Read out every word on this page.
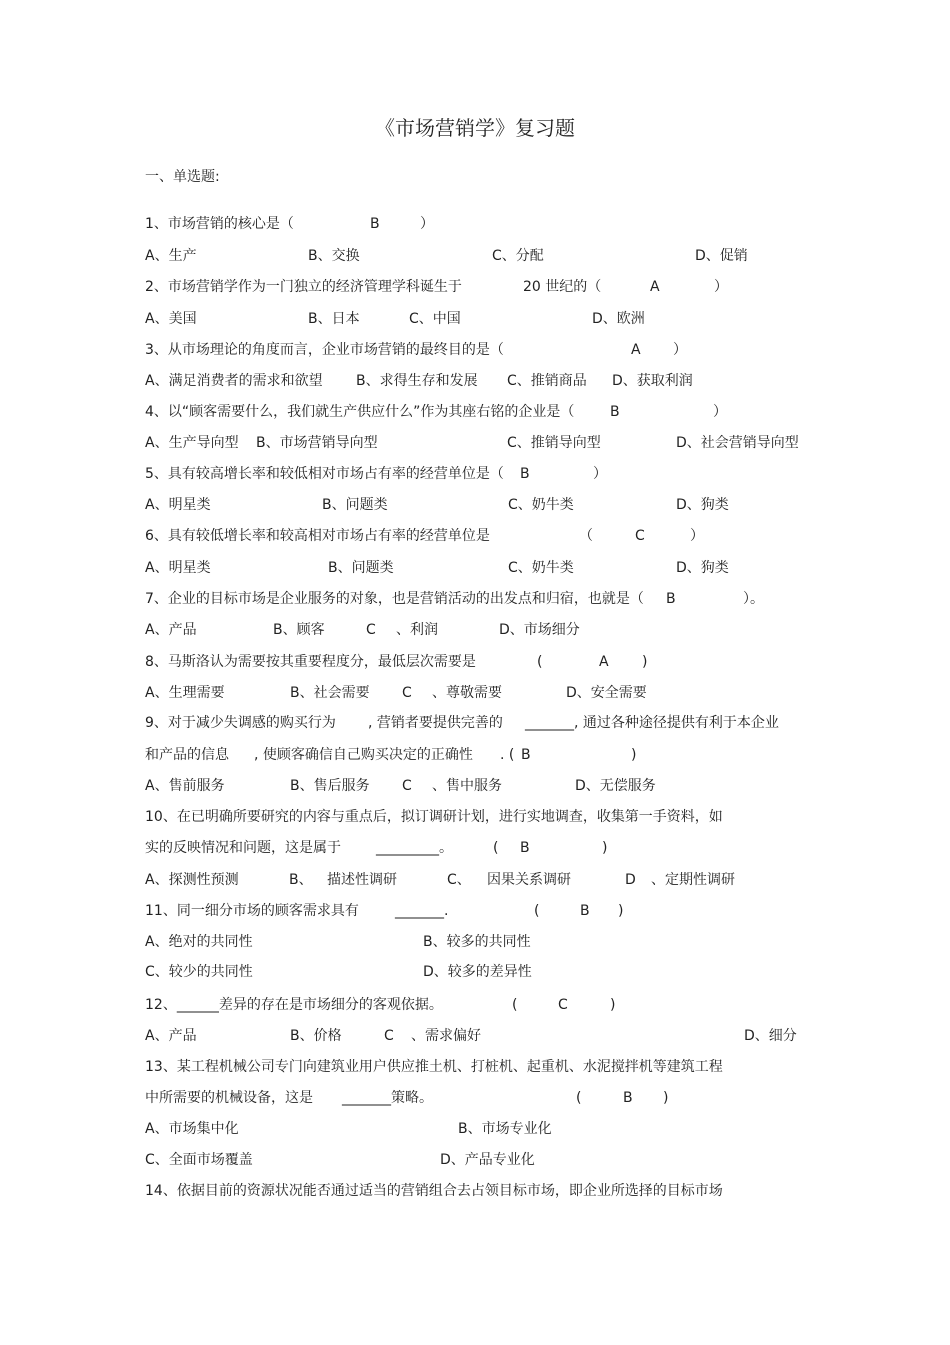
《市场营销学》复习题
一、单选题:
1、市场营销的核心是（	B	）
A、生产	B、交换	C、分配	D、促销
2、市场营销学作为一门独立的经济管理学科诞生于	20 世纪的（	A	）
A、美国	B、日本	C、中国	D、欧洲
3、从市场理论的角度而言，企业市场营销的最终目的是（	A ）
A、满足消费者的需求和欲望 B、求得生存和发展 C、推销商品 D、获取利润
4、以“顾客需要什么，我们就生产供应什么”作为其座右铭的企业是（	B	）
A、生产导向型 B、市场营销导向型	C、推销导向型	D、社会营销导向型
5、具有较高增长率和较低相对市场占有率的经营单位是（ B	）
A、明星类	B、问题类	C、奶牛类	D、狗类
6、具有较低增长率和较高相对市场占有率的经营单位是	（	C	）
A、明星类	B、问题类	C、奶牛类	D、狗类
7、企业的目标市场是企业服务的对象，也是营销活动的出发点和归宿，也就是（ B	）。
A、产品	B、顾客	C 、利润	D、市场细分
8、马斯洛认为需要按其重要程度分，最低层次需要是	(	A )
A、生理需要	B、社会需要 C 、尊敬需要	D、安全需要
9、对于减少失调感的购买行为 , 营销者要提供完善的 _______, 通过各种途径提供有利于本企业
和产品的信息 , 使顾客确信自己购买决定的正确性 . ( B	)
A、售前服务	B、售后服务 C 、售中服务	D、无偿服务
10、在已明确所要研究的内容与重点后，拟订调研计划，进行实地调查，收集第一手资料，如
实的反映情况和问题，这是属于	_________。	( B	)
A、探测性预测	B、 描述性调研	C、 因果关系调研	D 、定期性调研
11、同一细分市场的顾客需求具有	_______.	(	B )
A、绝对的共同性	B、较多的共同性
C、较少的共同性	D、较多的差异性
12、______差异的存在是市场细分的客观依据。	(	C	)
A、产品	B、价格	C 、需求偏好	D、细分
13、某工程机械公司专门向建筑业用户供应推土机、打桩机、起重机、水泥搅拌机等建筑工程
中所需要的机械设备，这是 _______策略。	(	B )
A、市场集中化	B、市场专业化
C、全面市场覆盖	D、产品专业化
14、依据目前的资源状况能否通过适当的营销组合去占领目标市场，即企业所选择的目标市场
